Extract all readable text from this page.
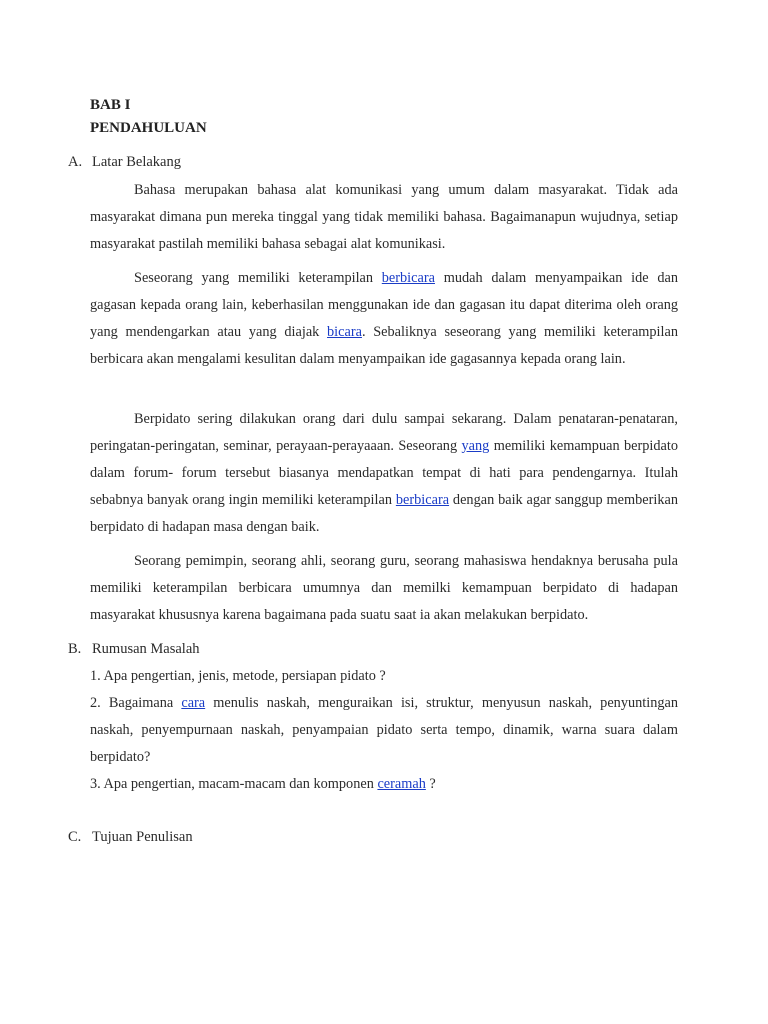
BAB I
PENDAHULUAN
A. Latar Belakang
Bahasa merupakan bahasa alat komunikasi yang umum dalam masyarakat. Tidak ada masyarakat dimana pun mereka tinggal yang tidak memiliki bahasa. Bagaimanapun wujudnya, setiap masyarakat pastilah memiliki bahasa sebagai alat komunikasi.
Seseorang yang memiliki keterampilan berbicara mudah dalam menyampaikan ide dan gagasan kepada orang lain, keberhasilan menggunakan ide dan gagasan itu dapat diterima oleh orang yang mendengarkan atau yang diajak bicara. Sebaliknya seseorang yang memiliki keterampilan berbicara akan mengalami kesulitan dalam menyampaikan ide gagasannya kepada orang lain.
Berpidato sering dilakukan orang dari dulu sampai sekarang. Dalam penataran-penataran, peringatan-peringatan, seminar, perayaan-perayaaan. Seseorang yang memiliki kemampuan berpidato dalam forum- forum tersebut biasanya mendapatkan tempat di hati para pendengarnya. Itulah sebabnya banyak orang ingin memiliki keterampilan berbicara dengan baik agar sanggup memberikan berpidato di hadapan masa dengan baik.
Seorang pemimpin, seorang ahli, seorang guru, seorang mahasiswa hendaknya berusaha pula memiliki keterampilan berbicara umumnya dan memilki kemampuan berpidato di hadapan masyarakat khususnya karena bagaimana pada suatu saat ia akan melakukan berpidato.
B. Rumusan Masalah
1. Apa pengertian, jenis, metode, persiapan pidato ?
2. Bagaimana cara menulis naskah, menguraikan isi, struktur, menyusun naskah, penyuntingan naskah, penyempurnaan naskah, penyampaian pidato serta tempo, dinamik, warna suara dalam berpidato?
3. Apa pengertian, macam-macam dan komponen ceramah ?
C. Tujuan Penulisan
